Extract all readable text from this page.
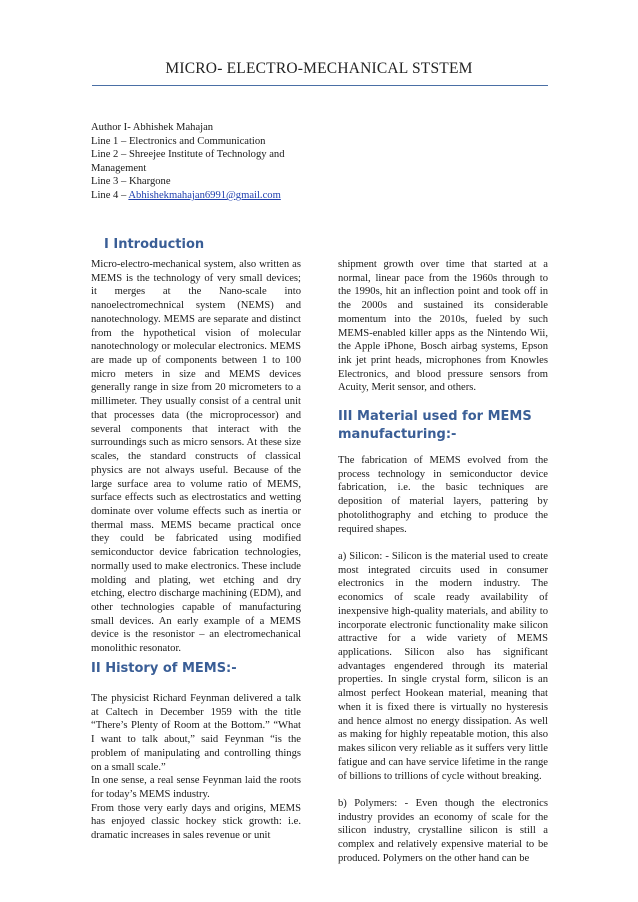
MICRO- ELECTRO-MECHANICAL STSTEM
Author I- Abhishek Mahajan
Line 1 – Electronics and Communication
Line 2 – Shreejee Institute of Technology and Management
Line 3 – Khargone
Line 4 – Abhishekmahajan6991@gmail.com
I Introduction

Micro-electro-mechanical system, also written as MEMS is the technology of very small devices; it merges at the Nano-scale into nanoelectromechnical system (NEMS) and nanotechnology. MEMS are separate and distinct from the hypothetical vision of molecular nanotechnology or molecular electronics. MEMS are made up of components between 1 to 100 micro meters in size and MEMS devices generally range in size from 20 micrometers to a millimeter. They usually consist of a central unit that processes data (the microprocessor) and several components that interact with the surroundings such as micro sensors. At these size scales, the standard constructs of classical physics are not always useful. Because of the large surface area to volume ratio of MEMS, surface effects such as electrostatics and wetting dominate over volume effects such as inertia or thermal mass. MEMS became practical once they could be fabricated using modified semiconductor device fabrication technologies, normally used to make electronics. These include molding and plating, wet etching and dry etching, electro discharge machining (EDM), and other technologies capable of manufacturing small devices. An early example of a MEMS device is the resonistor – an electromechanical monolithic resonator.

II History of MEMS:-

The physicist Richard Feynman delivered a talk at Caltech in December 1959 with the title “There’s Plenty of Room at the Bottom.” “What I want to talk about,” said Feynman “is the problem of manipulating and controlling things on a small scale.”

In one sense, a real sense Feynman laid the roots for today’s MEMS industry.

From those very early days and origins, MEMS has enjoyed classic hockey stick growth: i.e. dramatic increases in sales revenue or unit

shipment growth over time that started at a normal, linear pace from the 1960s through to the 1990s, hit an inflection point and took off in the 2000s and sustained its considerable momentum into the 2010s, fueled by such MEMS-enabled killer apps as the Nintendo Wii, the Apple iPhone, Bosch airbag systems, Epson ink jet print heads, microphones from Knowles Electronics, and blood pressure sensors from Acuity, Merit sensor, and others.

III Material used for MEMS manufacturing:-

The fabrication of MEMS evolved from the process technology in semiconductor device fabrication, i.e. the basic techniques are deposition of material layers, pattering by photolithography and etching to produce the required shapes.

a) Silicon: - Silicon is the material used to create most integrated circuits used in consumer electronics in the modern industry. The economics of scale ready availability of inexpensive high-quality materials, and ability to incorporate electronic functionality make silicon attractive for a wide variety of MEMS applications. Silicon also has significant advantages engendered through its material properties. In single crystal form, silicon is an almost perfect Hookean material, meaning that when it is fixed there is virtually no hysteresis and hence almost no energy dissipation. As well as making for highly repeatable motion, this also makes silicon very reliable as it suffers very little fatigue and can have service lifetime in the range of billions to trillions of cycle without breaking.

b) Polymers: - Even though the electronics industry provides an economy of scale for the silicon industry, crystalline silicon is still a complex and relatively expensive material to be produced. Polymers on the other hand can be
